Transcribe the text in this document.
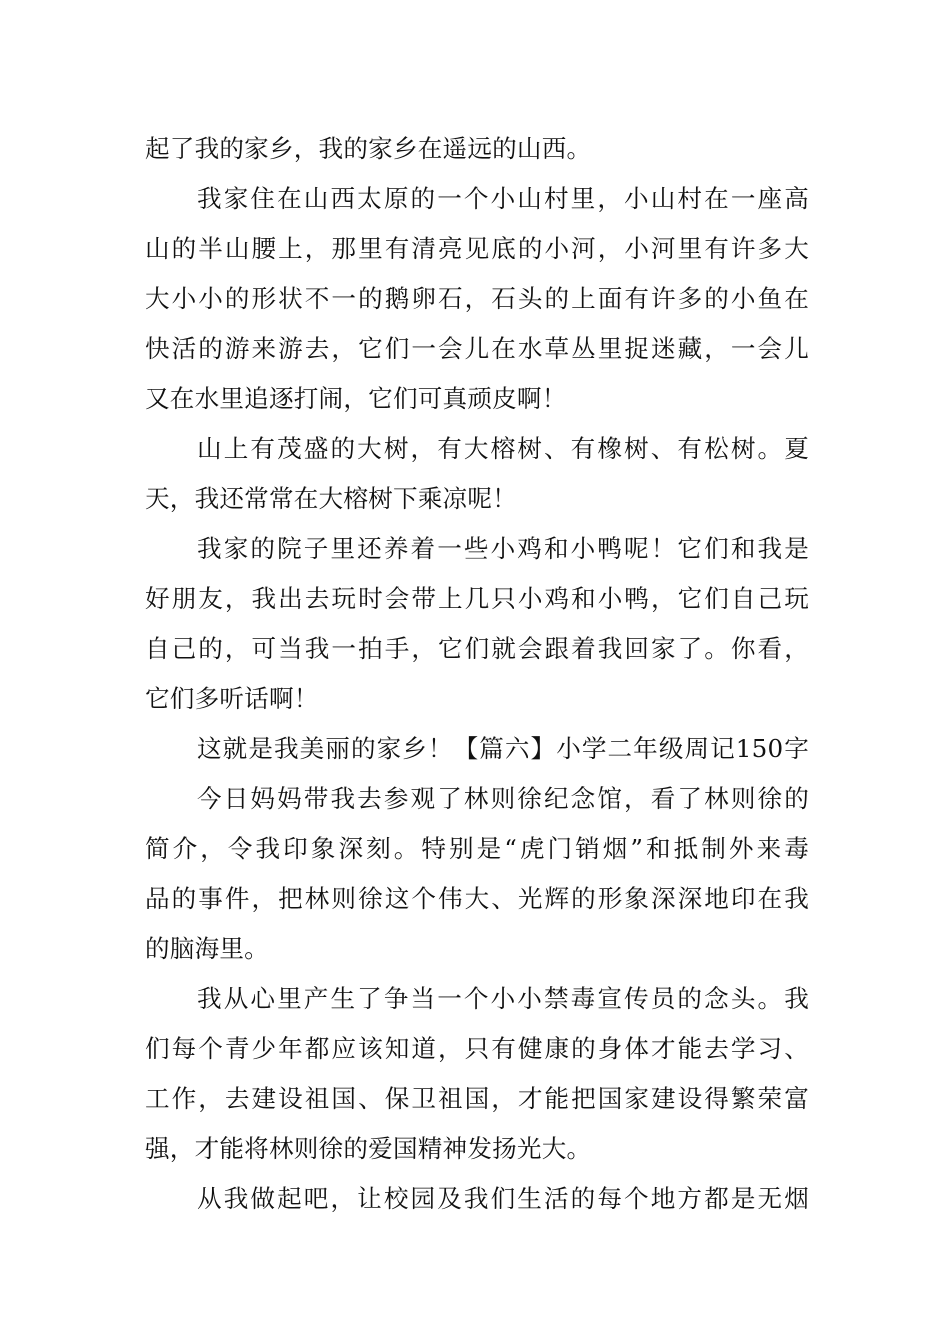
起了我的家乡，我的家乡在遥远的山西。
我家住在山西太原的一个小山村里，小山村在一座高
山的半山腰上，那里有清亮见底的小河，小河里有许多大
大小小的形状不一的鹅卵石，石头的上面有许多的小鱼在
快活的游来游去，它们一会儿在水草丛里捉迷藏，一会儿
又在水里追逐打闹，它们可真顽皮啊！
山上有茂盛的大树，有大榕树、有橡树、有松树。夏
天，我还常常在大榕树下乘凉呢！
我家的院子里还养着一些小鸡和小鸭呢！它们和我是
好朋友，我出去玩时会带上几只小鸡和小鸭，它们自己玩
自己的，可当我一拍手，它们就会跟着我回家了。你看，
它们多听话啊！
这就是我美丽的家乡！【篇六】小学二年级周记150字
今日妈妈带我去参观了林则徐纪念馆，看了林则徐的
简介，令我印象深刻。特别是“虎门销烟”和抵制外来毒
品的事件，把林则徐这个伟大、光辉的形象深深地印在我
的脑海里。
我从心里产生了争当一个小小禁毒宣传员的念头。我
们每个青少年都应该知道，只有健康的身体才能去学习、
工作，去建设祖国、保卫祖国，才能把国家建设得繁荣富
强，才能将林则徐的爱国精神发扬光大。
从我做起吧，让校园及我们生活的每个地方都是无烟
